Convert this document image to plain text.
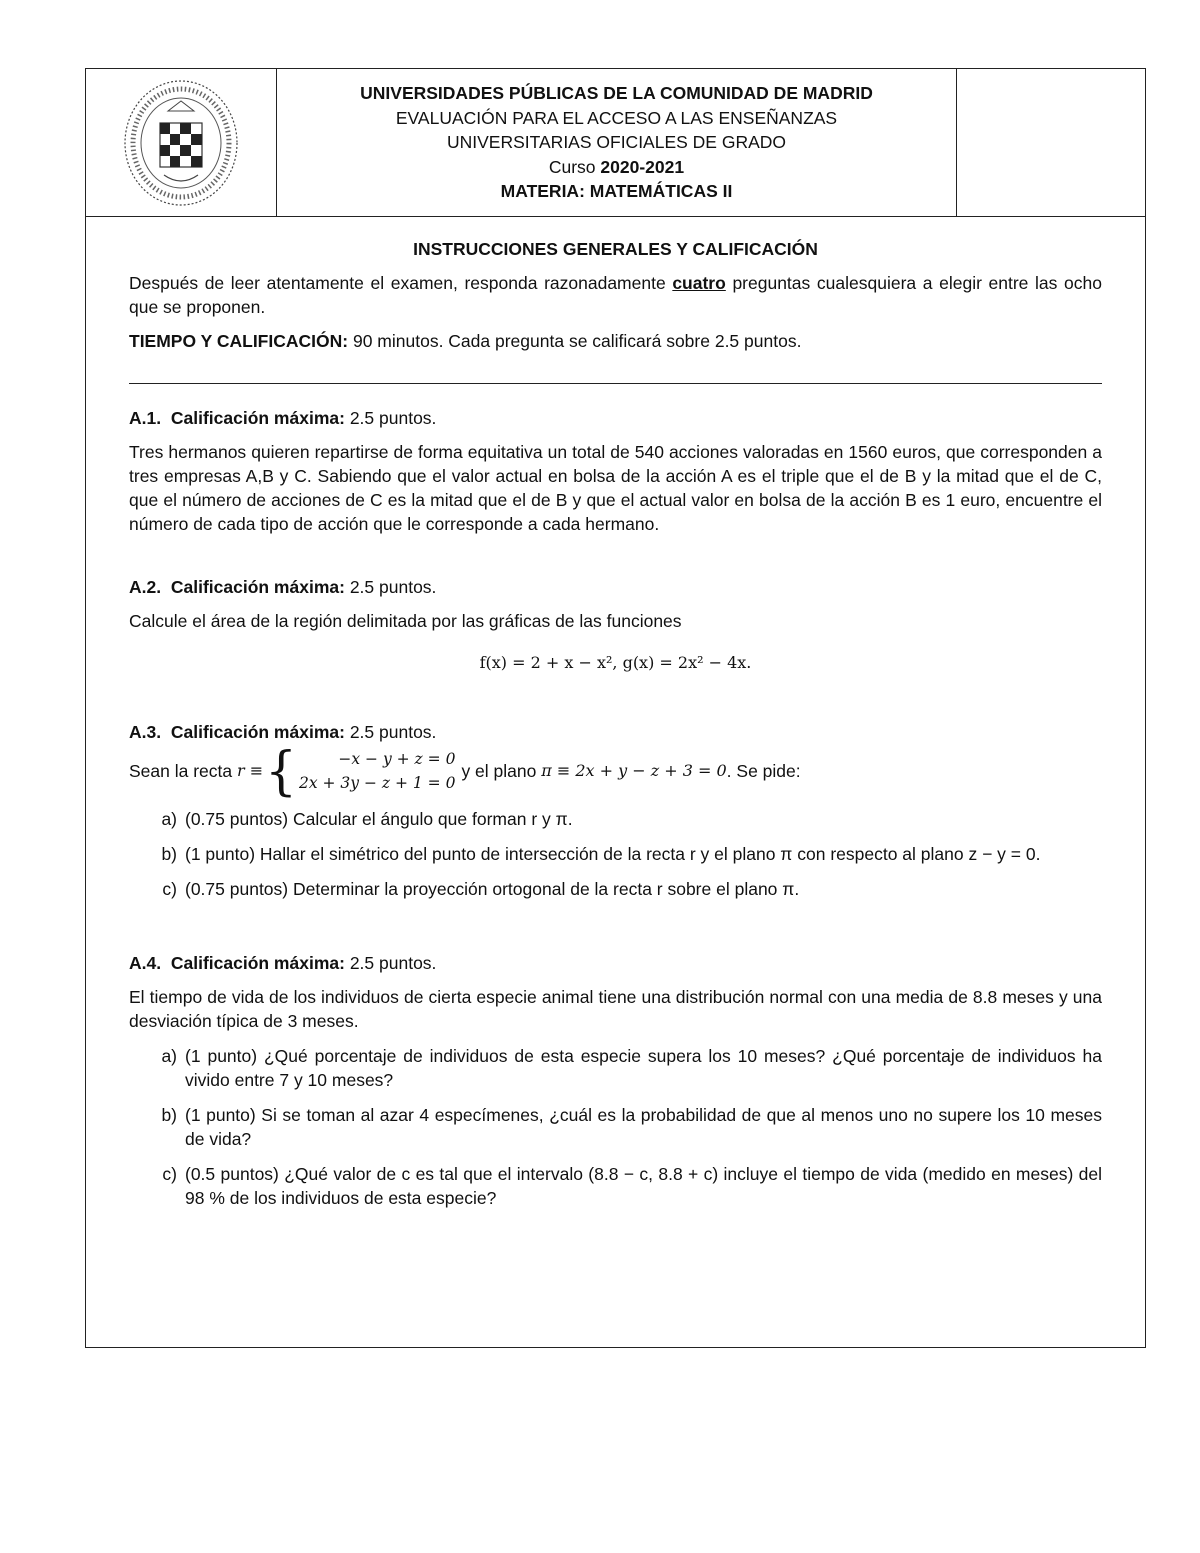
UNIVERSIDADES PÚBLICAS DE LA COMUNIDAD DE MADRID
EVALUACIÓN PARA EL ACCESO A LAS ENSEÑANZAS
UNIVERSITARIAS OFICIALES DE GRADO
Curso 2020-2021
MATERIA: MATEMÁTICAS II

INSTRUCCIONES GENERALES Y CALIFICACIÓN

Después de leer atentamente el examen, responda razonadamente cuatro preguntas cualesquiera a elegir entre las ocho que se proponen.

TIEMPO Y CALIFICACIÓN: 90 minutos. Cada pregunta se calificará sobre 2.5 puntos.

A.1. Calificación máxima: 2.5 puntos.

Tres hermanos quieren repartirse de forma equitativa un total de 540 acciones valoradas en 1560 euros, que corresponden a tres empresas A,B y C. Sabiendo que el valor actual en bolsa de la acción A es el triple que el de B y la mitad que el de C, que el número de acciones de C es la mitad que el de B y que el actual valor en bolsa de la acción B es 1 euro, encuentre el número de cada tipo de acción que le corresponde a cada hermano.

A.2. Calificación máxima: 2.5 puntos.

Calcule el área de la región delimitada por las gráficas de las funciones

f(x) = 2 + x − x², g(x) = 2x² − 4x.

A.3. Calificación máxima: 2.5 puntos.

Sean la recta
r ≡ {	−x − y + z = 0
2x + 3y − z + 1 = 0
y el plano
π ≡ 2x + y − z + 3 = 0 . Se pide:
a) (0.75 puntos) Calcular el ángulo que forman r y π.
b) (1 punto) Hallar el simétrico del punto de intersección de la recta r y el plano π con respecto al plano z − y = 0.
c) (0.75 puntos) Determinar la proyección ortogonal de la recta r sobre el plano π.

A.4. Calificación máxima: 2.5 puntos.

El tiempo de vida de los individuos de cierta especie animal tiene una distribución normal con una media de 8.8 meses y una desviación típica de 3 meses.

a) (1 punto) ¿Qué porcentaje de individuos de esta especie supera los 10 meses? ¿Qué porcentaje de individuos ha vivido entre 7 y 10 meses?
b) (1 punto) Si se toman al azar 4 especímenes, ¿cuál es la probabilidad de que al menos uno no supere los 10 meses de vida?
c) (0.5 puntos) ¿Qué valor de c es tal que el intervalo (8.8 − c, 8.8 + c) incluye el tiempo de vida (medido en meses) del 98 % de los individuos de esta especie?
